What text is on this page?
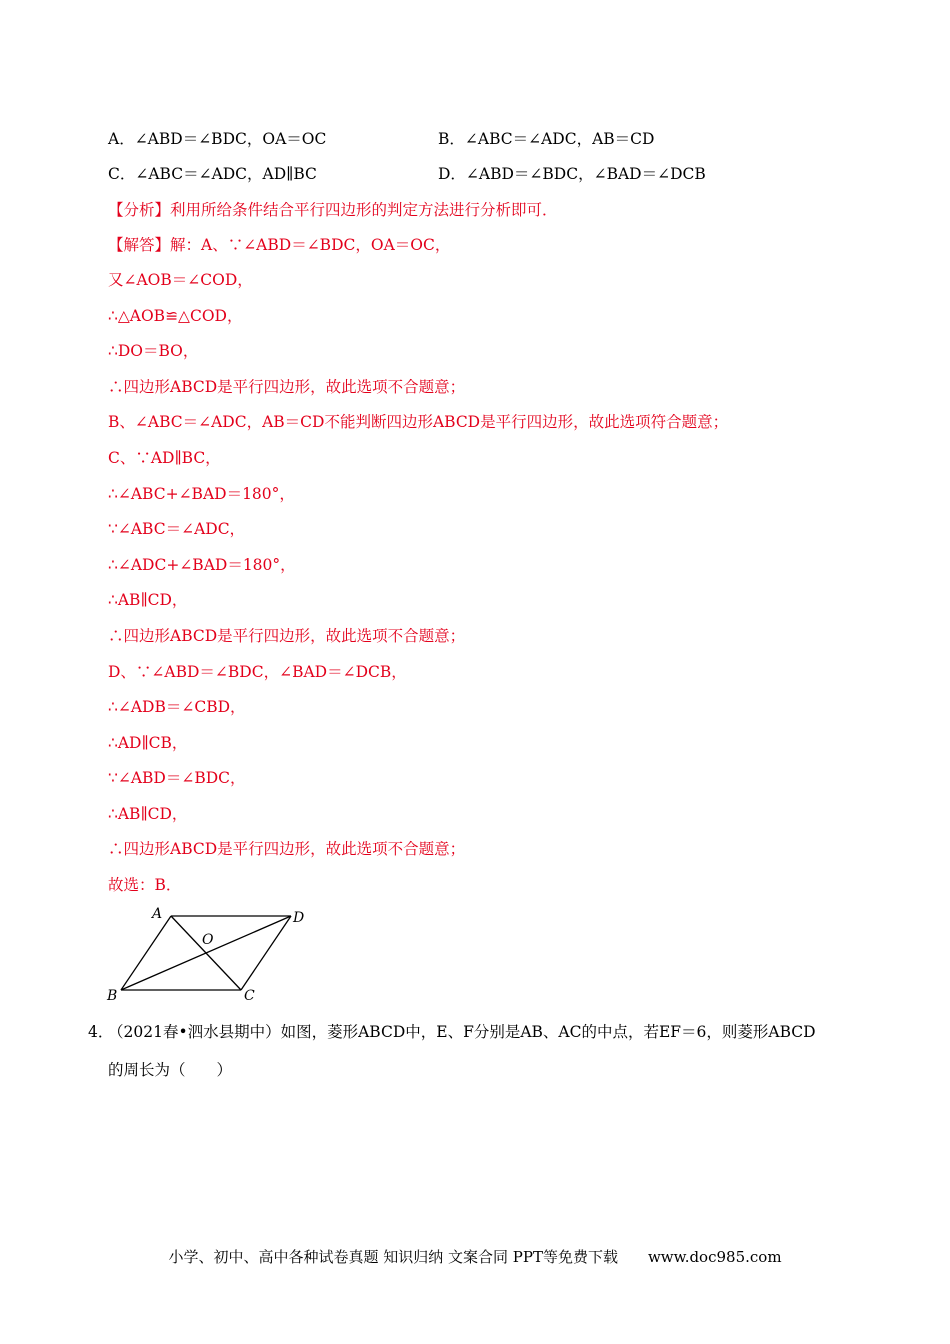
A．∠ABD＝∠BDC，OA＝OC	B．∠ABC＝∠ADC，AB＝CD
C．∠ABC＝∠ADC，AD∥BC	D．∠ABD＝∠BDC，∠BAD＝∠DCB
【分析】利用所给条件结合平行四边形的判定方法进行分析即可．
【解答】解：A、∵∠ABD＝∠BDC，OA＝OC，
又∠AOB＝∠COD，
∴△AOB≌△COD，
∴DO＝BO，
∴四边形ABCD是平行四边形，故此选项不合题意；
B、∠ABC＝∠ADC，AB＝CD不能判断四边形ABCD是平行四边形，故此选项符合题意；
C、∵AD∥BC，
∴∠ABC+∠BAD＝180°，
∵∠ABC＝∠ADC，
∴∠ADC+∠BAD＝180°，
∴AB∥CD，
∴四边形ABCD是平行四边形，故此选项不合题意；
D、∵∠ABD＝∠BDC，∠BAD＝∠DCB，
∴∠ADB＝∠CBD，
∴AD∥CB，
∵∠ABD＝∠BDC，
∴AB∥CD，
∴四边形ABCD是平行四边形，故此选项不合题意；
故选：B．
A	D
O
B	C
4．
（2021春•泗水县期中）如图，菱形ABCD中，E、F分别是AB、AC的中点，若EF＝6，则菱形ABCD
的周长为（　　）
小学、初中、高中各种试卷真题 知识归纳 文案合同 PPT等免费下载　　www.doc985.com
